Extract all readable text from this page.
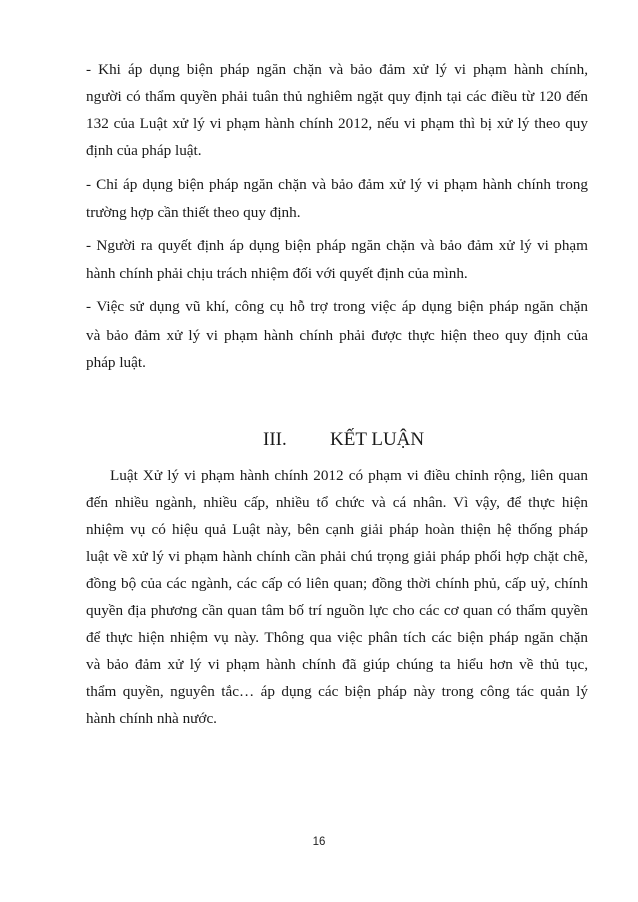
- Khi áp dụng biện pháp ngăn chặn và bảo đảm xử lý vi phạm hành chính,
người có thẩm quyền phải tuân thủ nghiêm ngặt quy định tại các điều từ 120 đến
132 của Luật xử lý vi phạm hành chính 2012, nếu vi phạm thì bị xử lý theo quy
định của pháp luật.
- Chỉ áp dụng biện pháp ngăn chặn và bảo đảm xử lý vi phạm hành chính trong
trường hợp cần thiết theo quy định.
- Người ra quyết định áp dụng biện pháp ngăn chặn và bảo đảm xử lý vi phạm
hành chính phải chịu trách nhiệm đối với quyết định của mình.
- Việc sử dụng vũ khí, công cụ hỗ trợ trong việc áp dụng biện pháp ngăn chặn
và bảo đảm xử lý vi phạm hành chính phải được thực hiện theo quy định của
pháp luật.
III. KẾT LUẬN
Luật Xử lý vi phạm hành chính 2012 có phạm vi điều chỉnh rộng, liên quan
đến nhiều ngành, nhiều cấp, nhiều tổ chức và cá nhân. Vì vậy, để thực hiện
nhiệm vụ có hiệu quả Luật này, bên cạnh giải pháp hoàn thiện hệ thống pháp
luật về xử lý vi phạm hành chính cần phải chú trọng giải pháp phối hợp chặt chẽ,
đồng bộ của các ngành, các cấp có liên quan; đồng thời chính phủ, cấp uỷ, chính
quyền địa phương cần quan tâm bố trí nguồn lực cho các cơ quan có thẩm quyền
để thực hiện nhiệm vụ này. Thông qua việc phân tích các biện pháp ngăn chặn
và bảo đảm xử lý vi phạm hành chính đã giúp chúng ta hiểu hơn về thủ tục,
thẩm quyền, nguyên tắc… áp dụng các biện pháp này trong công tác quản lý
hành chính nhà nước.
16
